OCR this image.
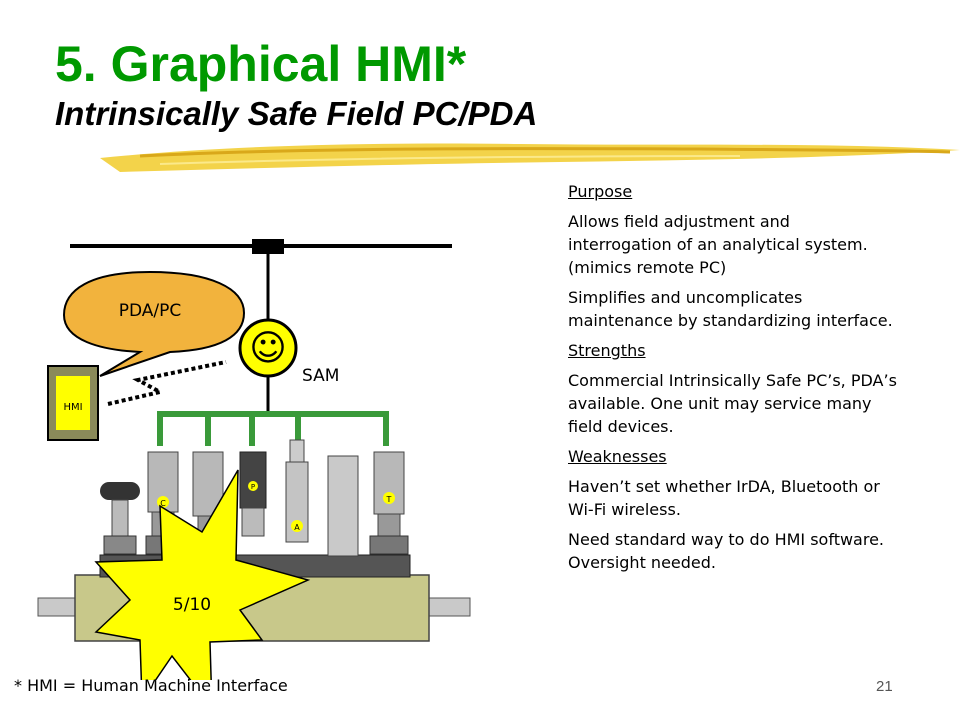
5. Graphical HMI*
Intrinsically Safe Field PC/PDA
☺
SAM
PDA/PC
HMI
C
P
A
T
5/10

Purpose

Allows field adjustment and interrogation of an analytical system. (mimics remote PC)

Simplifies and uncomplicates maintenance by standardizing interface.

Strengths

Commercial Intrinsically Safe PC’s, PDA’s available. One unit may service many field devices.

Weaknesses

Haven’t set whether IrDA, Bluetooth or Wi-Fi wireless.

Need standard way to do HMI software. Oversight needed.

* HMI = Human Machine Interface	21
